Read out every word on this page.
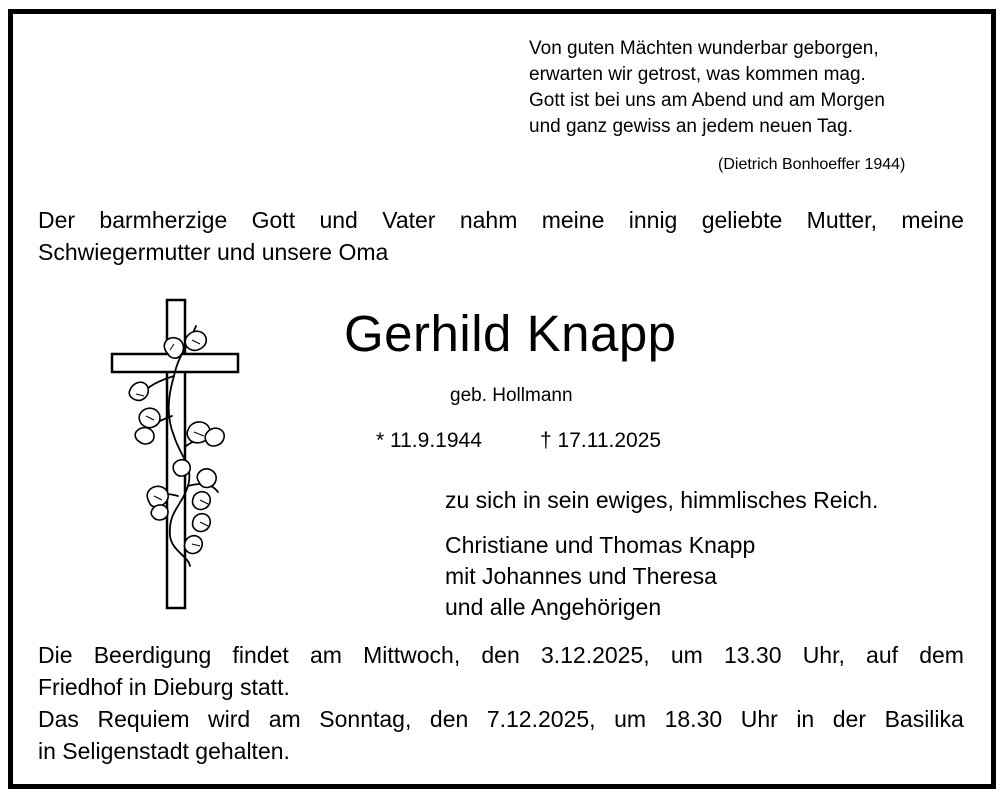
Von guten Mächten wunderbar geborgen,
erwarten wir getrost, was kommen mag.
Gott ist bei uns am Abend und am Morgen
und ganz gewiss an jedem neuen Tag.
(Dietrich Bonhoeffer 1944)
Der barmherzige Gott und Vater nahm meine innig geliebte Mutter, meine
Schwiegermutter und unsere Oma
Gerhild Knapp
geb. Hollmann
* 11.9.1944	† 17.11.2025
zu sich in sein ewiges, himmlisches Reich.
Christiane und Thomas Knapp
mit Johannes und Theresa
und alle Angehörigen
Die Beerdigung findet am Mittwoch, den 3.12.2025, um 13.30 Uhr, auf dem
Friedhof in Dieburg statt.
Das Requiem wird am Sonntag, den 7.12.2025, um 18.30 Uhr in der Basilika
in Seligenstadt gehalten.
